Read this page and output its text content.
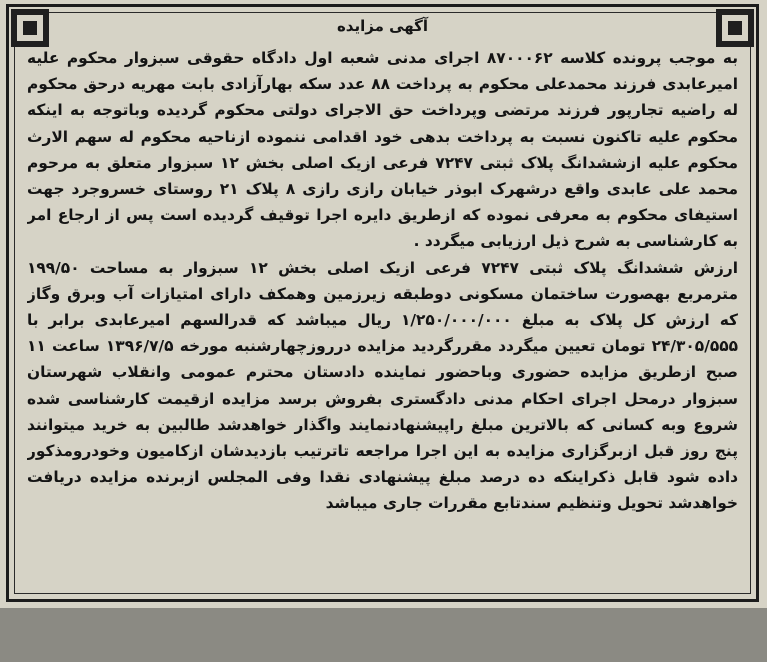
آگهی مزایده

به موجب پرونده کلاسه ۸۷۰۰۰۶۲ اجرای مدنی شعبه اول دادگاه حقوقی سبزوار محکوم علیه امیرعابدی فرزند محمدعلی محکوم به پرداخت ۸۸ عدد سکه بهارآزادی بابت مهریه درحق محکوم له راضیه تجارپور فرزند مرتضی وپرداخت حق الاجرای دولتی محکوم گردیده وباتوجه به اینکه محکوم علیه تاکنون نسبت به پرداخت بدهی خود اقدامی ننموده ازناحیه محکوم له سهم الارث محکوم علیه ازششدانگ پلاک ثبتی ۷۲۴۷ فرعی ازیک اصلی بخش ۱۲ سبزوار متعلق به مرحوم محمد علی عابدی واقع درشهرک ابوذر خیابان رازی رازی ۸ پلاک ۲۱ روستای خسروجرد جهت استیفای محکوم به معرفی نموده که ازطریق دایره اجرا توقیف گردیده است پس از ارجاع امر به کارشناسی به شرح ذیل ارزیابی میگردد .

ارزش ششدانگ پلاک ثبتی ۷۲۴۷ فرعی ازیک اصلی بخش ۱۲ سبزوار به مساحت ۱۹۹/۵۰ مترمربع بهصورت ساختمان مسکونی دوطبقه زیرزمین وهمکف دارای امتیازات آب وبرق وگاز که ارزش کل پلاک به مبلغ ۱/۲۵۰/۰۰۰/۰۰۰ ریال میباشد که قدرالسهم امیرعابدی برابر با ۲۴/۳۰۵/۵۵۵ تومان تعیین میگردد مقررگردید مزایده درروزچهارشنبه مورخه ۱۳۹۶/۷/۵ ساعت ۱۱ صبح ازطریق مزایده حضوری وباحضور نماینده دادستان محترم عمومی وانقلاب شهرستان سبزوار درمحل اجرای احکام مدنی دادگستری بفروش برسد مزایده ازقیمت کارشناسی شده شروع وبه کسانی که بالاترین مبلغ راپیشنهادنمایند واگذار خواهدشد طالبین به خرید میتوانند پنج روز قبل ازبرگزاری مزایده به این اجرا مراجعه تاترتیب بازدیدشان ازکامیون وخودرومذکور داده شود قابل ذکراینکه ده درصد مبلغ پیشنهادی نقدا وفی المجلس ازبرنده مزایده دریافت خواهدشد تحویل وتنظیم سندتابع مقررات جاری میباشد
